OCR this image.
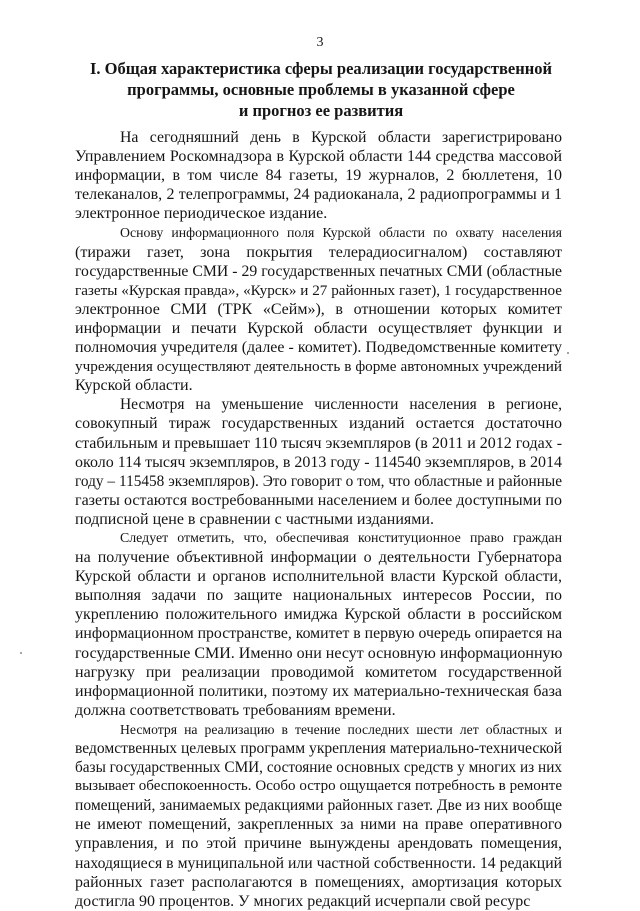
3
I. Общая характеристика сферы реализации государственной
программы, основные проблемы в указанной сфере
и прогноз ее развития
На сегодняшний день в Курской области зарегистрировано
Управлением Роскомнадзора в Курской области 144 средства массовой
информации, в том числе 84 газеты, 19 журналов, 2 бюллетеня, 10
телеканалов, 2 телепрограммы, 24 радиоканала, 2 радиопрограммы и 1
электронное периодическое издание.
Основу информационного поля Курской области по охвату населения
(тиражи газет, зона покрытия телерадиосигналом) составляют
государственные СМИ - 29 государственных печатных СМИ (областные
газеты «Курская правда», «Курск» и 27 районных газет), 1 государственное
электронное СМИ (ТРК «Сейм»), в отношении которых комитет
информации и печати Курской области осуществляет функции и
полномочия учредителя (далее - комитет). Подведомственные комитету
учреждения осуществляют деятельность в форме автономных учреждений
Курской области.
Несмотря на уменьшение численности населения в регионе,
совокупный тираж государственных изданий остается достаточно
стабильным и превышает 110 тысяч экземпляров (в 2011 и 2012 годах -
около 114 тысяч экземпляров, в 2013 году - 114540 экземпляров, в 2014
году – 115458 экземпляров). Это говорит о том, что областные и районные
газеты остаются востребованными населением и более доступными по
подписной цене в сравнении с частными изданиями.
Следует отметить, что, обеспечивая конституционное право граждан
на получение объективной информации о деятельности Губернатора
Курской области и органов исполнительной власти Курской области,
выполняя задачи по защите национальных интересов России, по
укреплению положительного имиджа Курской области в российском
информационном пространстве, комитет в первую очередь опирается на
государственные СМИ. Именно они несут основную информационную
нагрузку при реализации проводимой комитетом государственной
информационной политики, поэтому их материально-техническая база
должна соответствовать требованиям времени.
Несмотря на реализацию в течение последних шести лет областных и
ведомственных целевых программ укрепления материально-технической
базы государственных СМИ, состояние основных средств у многих из них
вызывает обеспокоенность. Особо остро ощущается потребность в ремонте
помещений, занимаемых редакциями районных газет. Две из них вообще
не имеют помещений, закрепленных за ними на праве оперативного
управления, и по этой причине вынуждены арендовать помещения,
находящиеся в муниципальной или частной собственности. 14 редакций
районных газет располагаются в помещениях, амортизация которых
достигла 90 процентов. У многих редакций исчерпали свой ресурс
